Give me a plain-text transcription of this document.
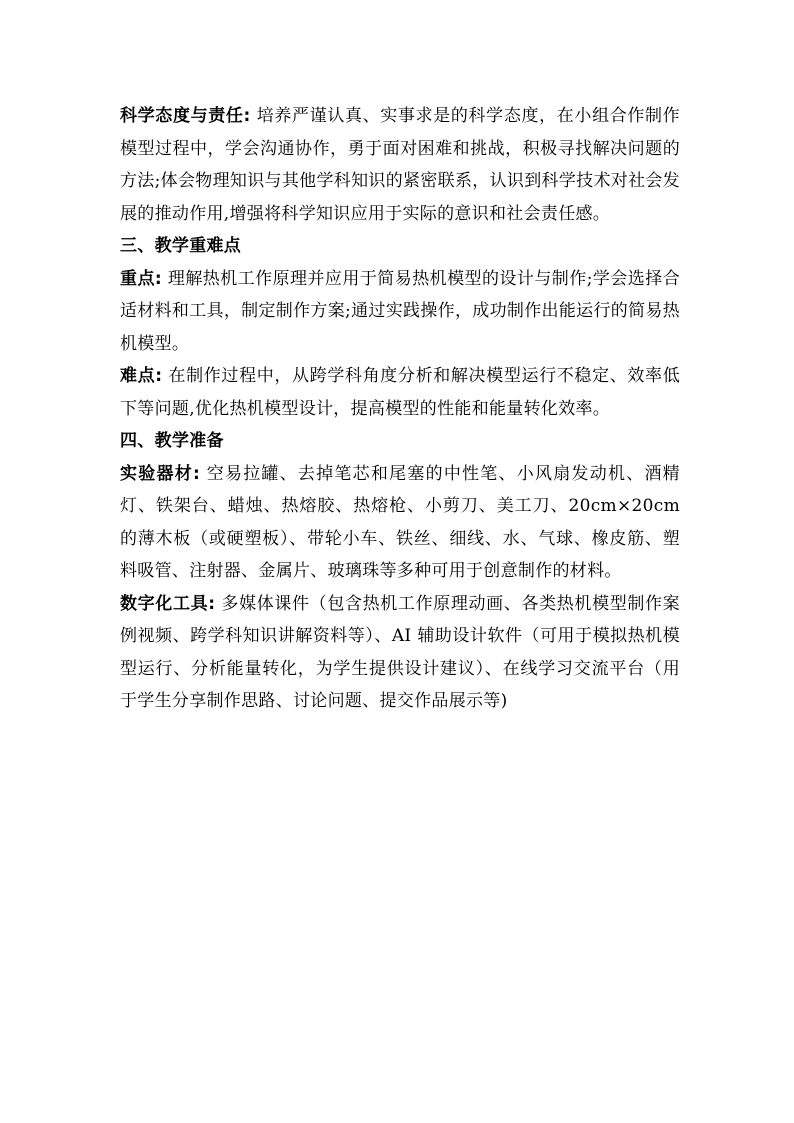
科学态度与责任: 培养严谨认真、实事求是的科学态度，在小组合作制作模型过程中，学会沟通协作，勇于面对困难和挑战，积极寻找解决问题的方法;体会物理知识与其他学科知识的紧密联系，认识到科学技术对社会发展的推动作用,增强将科学知识应用于实际的意识和社会责任感。

三、教学重难点

重点: 理解热机工作原理并应用于简易热机模型的设计与制作;学会选择合适材料和工具，制定制作方案;通过实践操作，成功制作出能运行的简易热机模型。

难点: 在制作过程中，从跨学科角度分析和解决模型运行不稳定、效率低下等问题,优化热机模型设计，提高模型的性能和能量转化效率。

四、教学准备

实验器材: 空易拉罐、去掉笔芯和尾塞的中性笔、小风扇发动机、酒精灯、铁架台、蜡烛、热熔胶、热熔枪、小剪刀、美工刀、20cm×20cm的薄木板（或硬塑板）、带轮小车、铁丝、细线、水、气球、橡皮筋、塑料吸管、注射器、金属片、玻璃珠等多种可用于创意制作的材料。

数字化工具: 多媒体课件（包含热机工作原理动画、各类热机模型制作案例视频、跨学科知识讲解资料等）、AI 辅助设计软件（可用于模拟热机模型运行、分析能量转化，为学生提供设计建议）、在线学习交流平台（用于学生分享制作思路、讨论问题、提交作品展示等)
